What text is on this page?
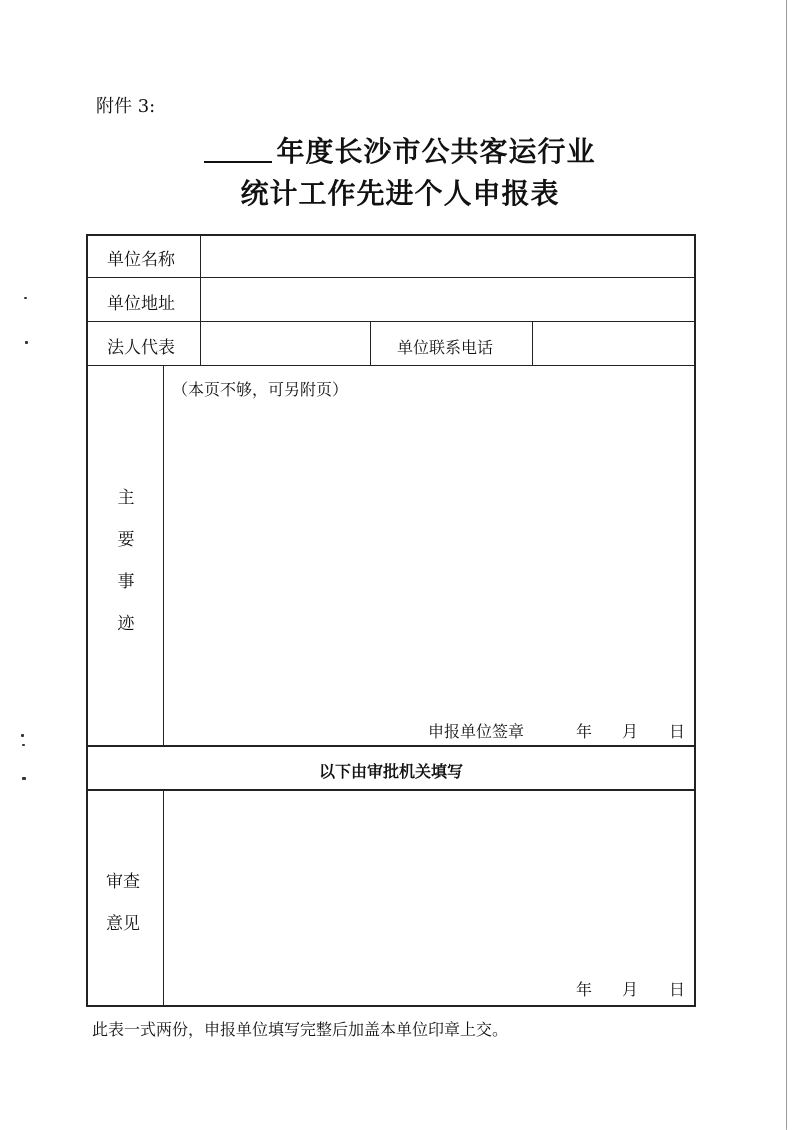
附件 3:
年度长沙市公共客运行业
统计工作先进个人申报表
单位名称
单位地址
法人代表	单位联系电话
主
要
事
迹
（本页不够，可另附页）
申报单位签章	年 月 日
以下由审批机关填写
审查
意见
年 月 日
此表一式两份，申报单位填写完整后加盖本单位印章上交。
